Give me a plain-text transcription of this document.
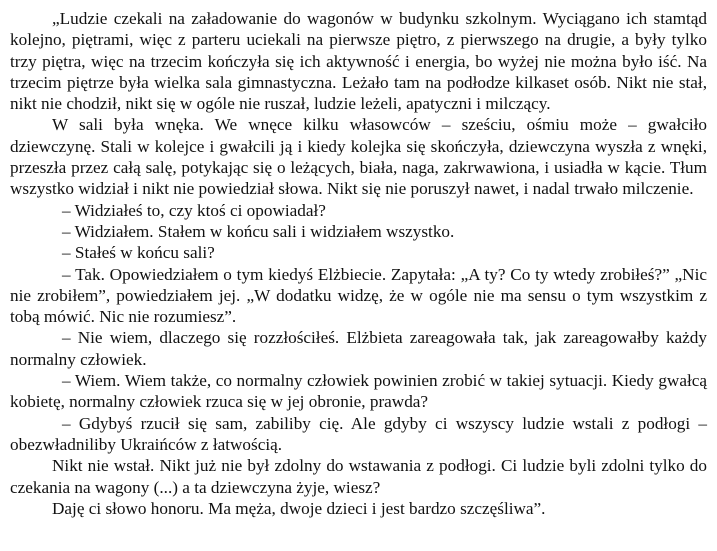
„Ludzie czekali na załadowanie do wagonów w budynku szkolnym. Wyciągano ich stamtąd kolejno, piętrami, więc z parteru uciekali na pierwsze piętro, z pierwszego na drugie, a były tylko trzy piętra, więc na trzecim kończyła się ich aktywność i energia, bo wyżej nie można było iść. Na trzecim piętrze była wielka sala gimnastyczna. Leżało tam na podłodze kilkaset osób. Nikt nie stał, nikt nie chodził, nikt się w ogóle nie ruszał, ludzie leżeli, apatyczni i milczący.

W sali była wnęka. We wnęce kilku własowców – sześciu, ośmiu może – gwałciło dziewczynę. Stali w kolejce i gwałcili ją i kiedy kolejka się skończyła, dziewczyna wyszła z wnęki, przeszła przez całą salę, potykając się o leżących, biała, naga, zakrwawiona, i usiadła w kącie. Tłum wszystko widział i nikt nie powiedział słowa. Nikt się nie poruszył nawet, i nadal trwało milczenie.

– Widziałeś to, czy ktoś ci opowiadał?

– Widziałem. Stałem w końcu sali i widziałem wszystko.

– Stałeś w końcu sali?

– Tak. Opowiedziałem o tym kiedyś Elżbiecie. Zapytała: „A ty? Co ty wtedy zrobiłeś?” „Nic nie zrobiłem”, powiedziałem jej. „W dodatku widzę, że w ogóle nie ma sensu o tym wszystkim z tobą mówić. Nic nie rozumiesz”.

– Nie wiem, dlaczego się rozzłościłeś. Elżbieta zareagowała tak, jak zareagowałby każdy normalny człowiek.

– Wiem. Wiem także, co normalny człowiek powinien zrobić w takiej sytuacji. Kiedy gwałcą kobietę, normalny człowiek rzuca się w jej obronie, prawda?

– Gdybyś rzucił się sam, zabiliby cię. Ale gdyby ci wszyscy ludzie wstali z podłogi – obezwładniliby Ukraińców z łatwością.

Nikt nie wstał. Nikt już nie był zdolny do wstawania z podłogi. Ci ludzie byli zdolni tylko do czekania na wagony (...) a ta dziewczyna żyje, wiesz?

Daję ci słowo honoru. Ma męża, dwoje dzieci i jest bardzo szczęśliwa”.
